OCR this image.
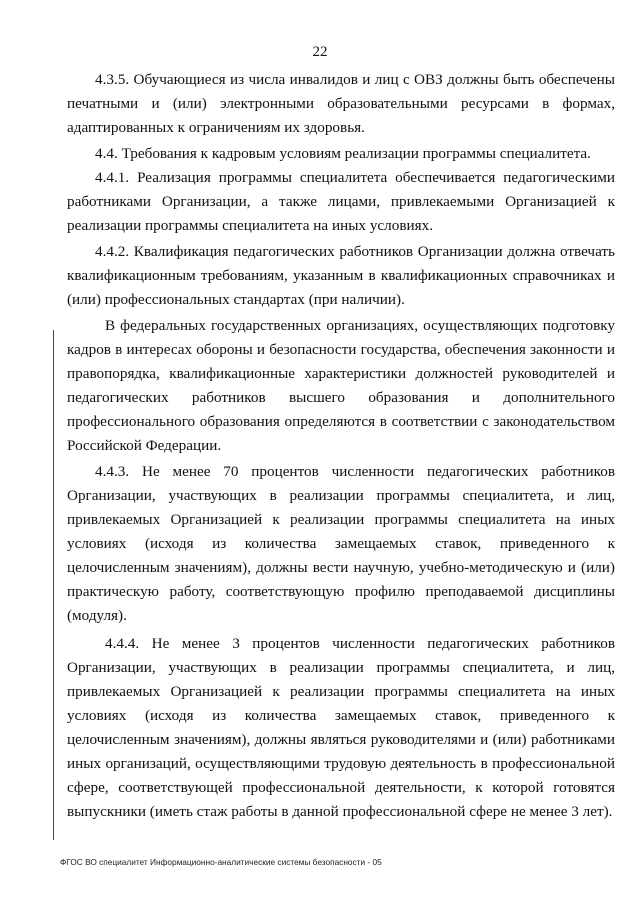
22

4.3.5. Обучающиеся из числа инвалидов и лиц с ОВЗ должны быть обеспечены печатными и (или) электронными образовательными ресурсами в формах, адаптированных к ограничениям их здоровья.

4.4. Требования к кадровым условиям реализации программы специалитета.

4.4.1. Реализация программы специалитета обеспечивается педагогическими работниками Организации, а также лицами, привлекаемыми Организацией к реализации программы специалитета на иных условиях.

4.4.2. Квалификация педагогических работников Организации должна отвечать квалификационным требованиям, указанным в квалификационных справочниках и (или) профессиональных стандартах (при наличии).

В федеральных государственных организациях, осуществляющих подготовку кадров в интересах обороны и безопасности государства, обеспечения законности и правопорядка, квалификационные характеристики должностей руководителей и педагогических работников высшего образования и дополнительного профессионального образования определяются в соответствии с законодательством Российской Федерации.

4.4.3. Не менее 70 процентов численности педагогических работников Организации, участвующих в реализации программы специалитета, и лиц, привлекаемых Организацией к реализации программы специалитета на иных условиях (исходя из количества замещаемых ставок, приведенного к целочисленным значениям), должны вести научную, учебно-методическую и (или) практическую работу, соответствующую профилю преподаваемой дисциплины (модуля).

4.4.4. Не менее 3 процентов численности педагогических работников Организации, участвующих в реализации программы специалитета, и лиц, привлекаемых Организацией к реализации программы специалитета на иных условиях (исходя из количества замещаемых ставок, приведенного к целочисленным значениям), должны являться руководителями и (или) работниками иных организаций, осуществляющими трудовую деятельность в профессиональной сфере, соответствующей профессиональной деятельности, к которой готовятся выпускники (иметь стаж работы в данной профессиональной сфере не менее 3 лет).

ФГОС ВО специалитет Информационно-аналитические системы безопасности - 05
